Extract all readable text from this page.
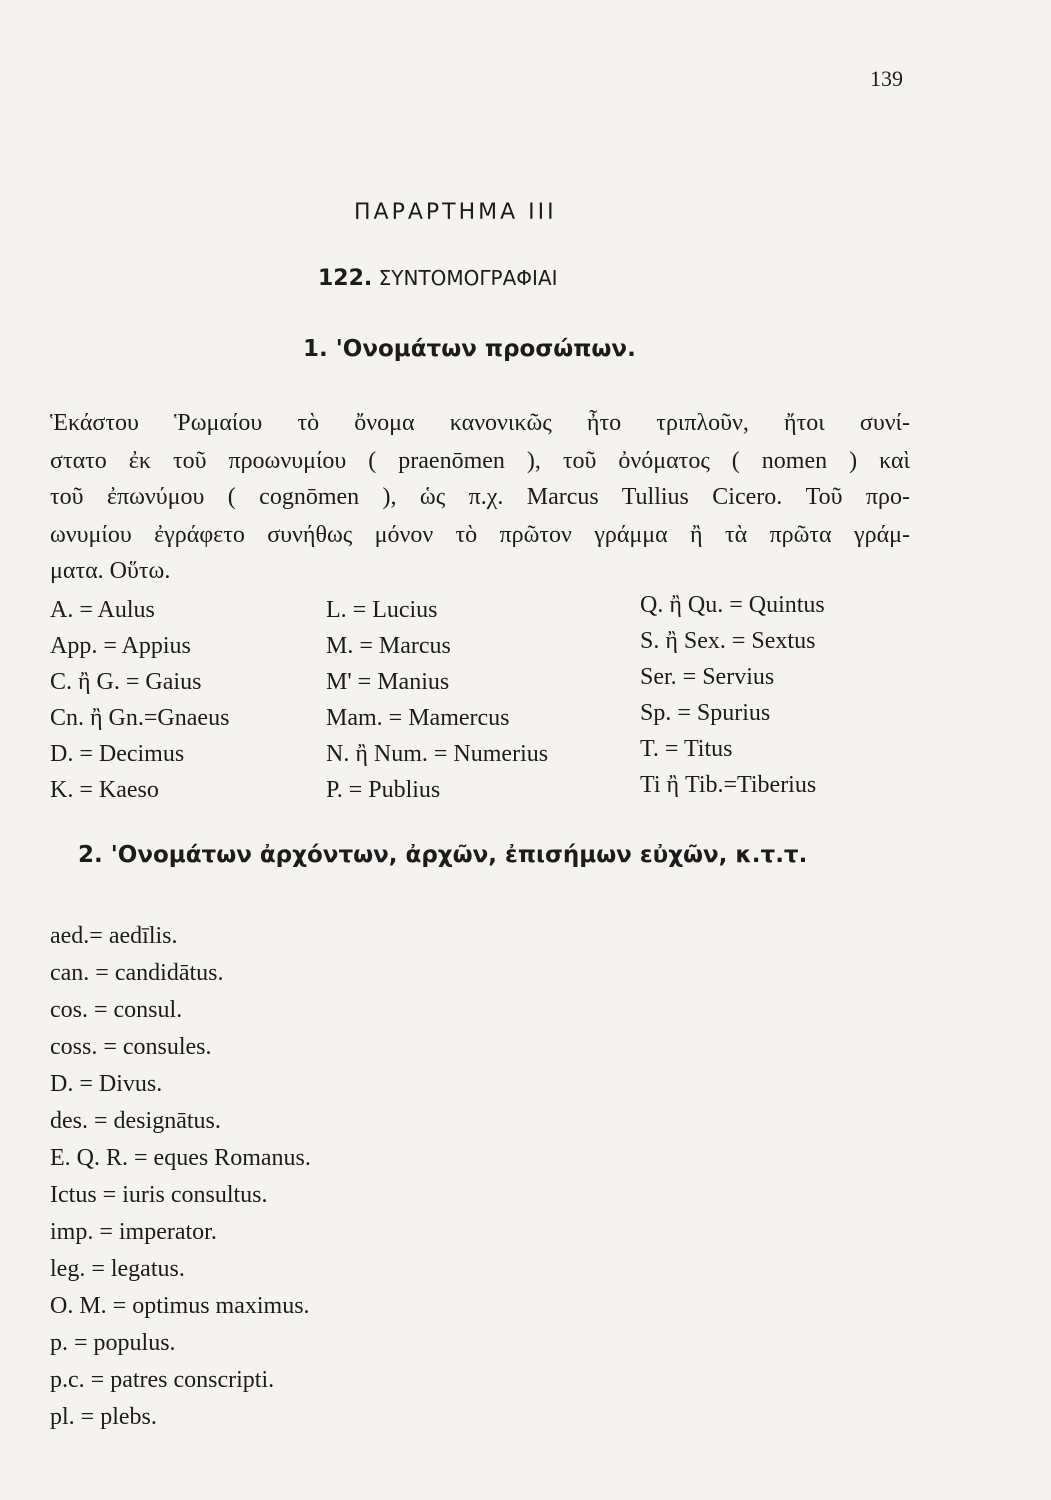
139
ΠΑΡΑΡΤΗΜΑ ΙΙΙ
122. ΣΥΝΤΟΜΟΓΡΑΦΙΑΙ
1. 'Ονομάτων προσώπων.
Ἑκάστου Ῥωμαίου τὸ ὄνομα κανονικῶς ἦτο τριπλοῦν, ἤτοι συνί-
στατο ἐκ τοῦ προωνυμίου ( praenōmen ), τοῦ ὀνόματος ( nomen ) καὶ
τοῦ ἐπωνύμου ( cognōmen ), ὡς π.χ. Marcus Tullius Cicero. Τοῦ προ-
ωνυμίου ἐγράφετο συνήθως μόνον τὸ πρῶτον γράμμα ἢ τὰ πρῶτα γράμ-
ματα. Οὕτω.
A. = Aulus
App. = Appius
C. ἢ G. = Gaius
Cn. ἢ Gn.=Gnaeus
D. = Decimus
K. = Kaeso
L. = Lucius
M. = Marcus
M' = Manius
Mam. = Mamercus
N. ἢ Num. = Numerius
P. = Publius
Q. ἢ Qu. = Quintus
S. ἢ Sex. = Sextus
Ser. = Servius
Sp. = Spurius
T. = Titus
Ti ἢ Tib.=Tiberius
2. 'Ονομάτων ἀρχόντων, ἀρχῶν, ἐπισήμων εὐχῶν, κ.τ.τ.
aed.= aedīlis.
can. = candidātus.
cos. = consul.
coss. = consules.
D. = Divus.
des. = designātus.
E. Q. R. = eques Romanus.
Ictus = iuris consultus.
imp. = imperator.
leg. = legatus.
O. M. = optimus maximus.
p. = populus.
p.c. = patres conscripti.
pl. = plebs.
